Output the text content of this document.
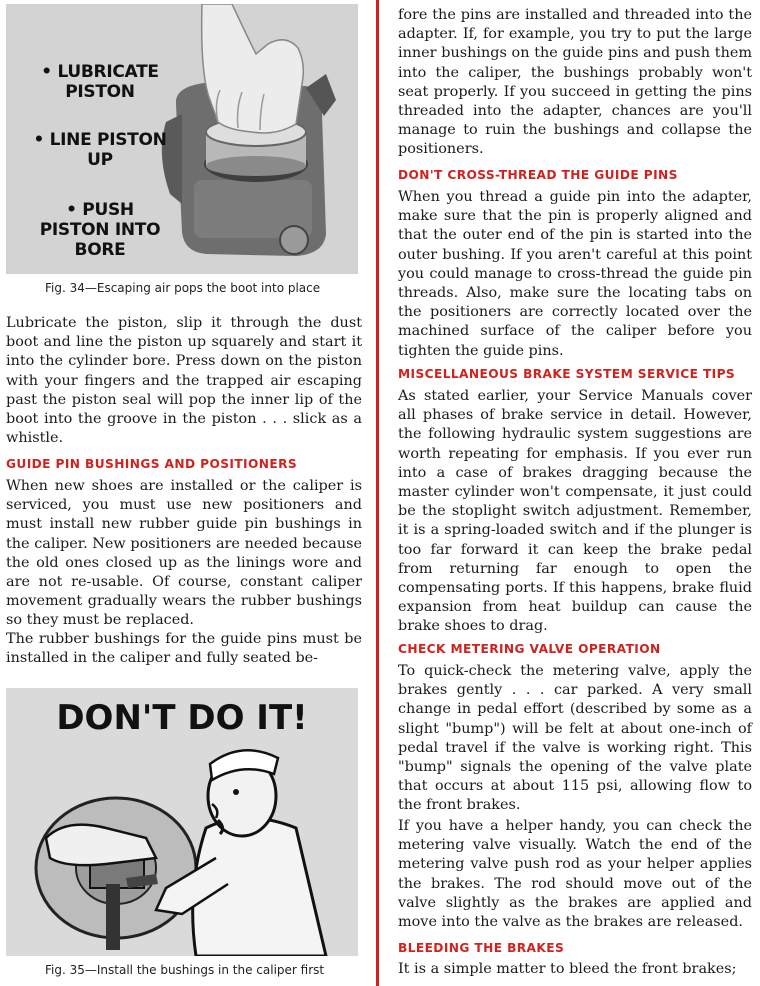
• LUBRICATE PISTON
• LINE PISTON UP
• PUSH PISTON INTO BORE
Fig. 34—Escaping air pops the boot into place

Lubricate the piston, slip it through the dust boot and line the piston up squarely and start it into the cylinder bore. Press down on the piston with your fingers and the trapped air escaping past the piston seal will pop the inner lip of the boot into the groove in the piston . . . slick as a whistle.

GUIDE PIN BUSHINGS AND POSITIONERS

When new shoes are installed or the caliper is serviced, you must use new positioners and must install new rubber guide pin bushings in the caliper. New positioners are needed because the old ones closed up as the linings wore and are not re-usable. Of course, constant caliper movement gradually wears the rubber bushings so they must be replaced.

The rubber bushings for the guide pins must be installed in the caliper and fully seated be-

DON'T DO IT!
Fig. 35—Install the bushings in the caliper first

fore the pins are installed and threaded into the adapter. If, for example, you try to put the large inner bushings on the guide pins and push them into the caliper, the bushings probably won't seat properly. If you succeed in getting the pins threaded into the adapter, chances are you'll manage to ruin the bushings and collapse the positioners.

DON'T CROSS-THREAD THE GUIDE PINS

When you thread a guide pin into the adapter, make sure that the pin is properly aligned and that the outer end of the pin is started into the outer bushing. If you aren't careful at this point you could manage to cross-thread the guide pin threads. Also, make sure the locating tabs on the positioners are correctly located over the machined surface of the caliper before you tighten the guide pins.

MISCELLANEOUS BRAKE SYSTEM SERVICE TIPS

As stated earlier, your Service Manuals cover all phases of brake service in detail. However, the following hydraulic system suggestions are worth repeating for emphasis. If you ever run into a case of brakes dragging because the master cylinder won't compensate, it just could be the stoplight switch adjustment. Remember, it is a spring-loaded switch and if the plunger is too far forward it can keep the brake pedal from returning far enough to open the compensating ports. If this happens, brake fluid expansion from heat buildup can cause the brake shoes to drag.

CHECK METERING VALVE OPERATION

To quick-check the metering valve, apply the brakes gently . . . car parked. A very small change in pedal effort (described by some as a slight "bump") will be felt at about one-inch of pedal travel if the valve is working right. This "bump" signals the opening of the valve plate that occurs at about 115 psi, allowing flow to the front brakes.

If you have a helper handy, you can check the metering valve visually. Watch the end of the metering valve push rod as your helper applies the brakes. The rod should move out of the valve slightly as the brakes are applied and move into the valve as the brakes are released.

BLEEDING THE BRAKES

It is a simple matter to bleed the front brakes;
